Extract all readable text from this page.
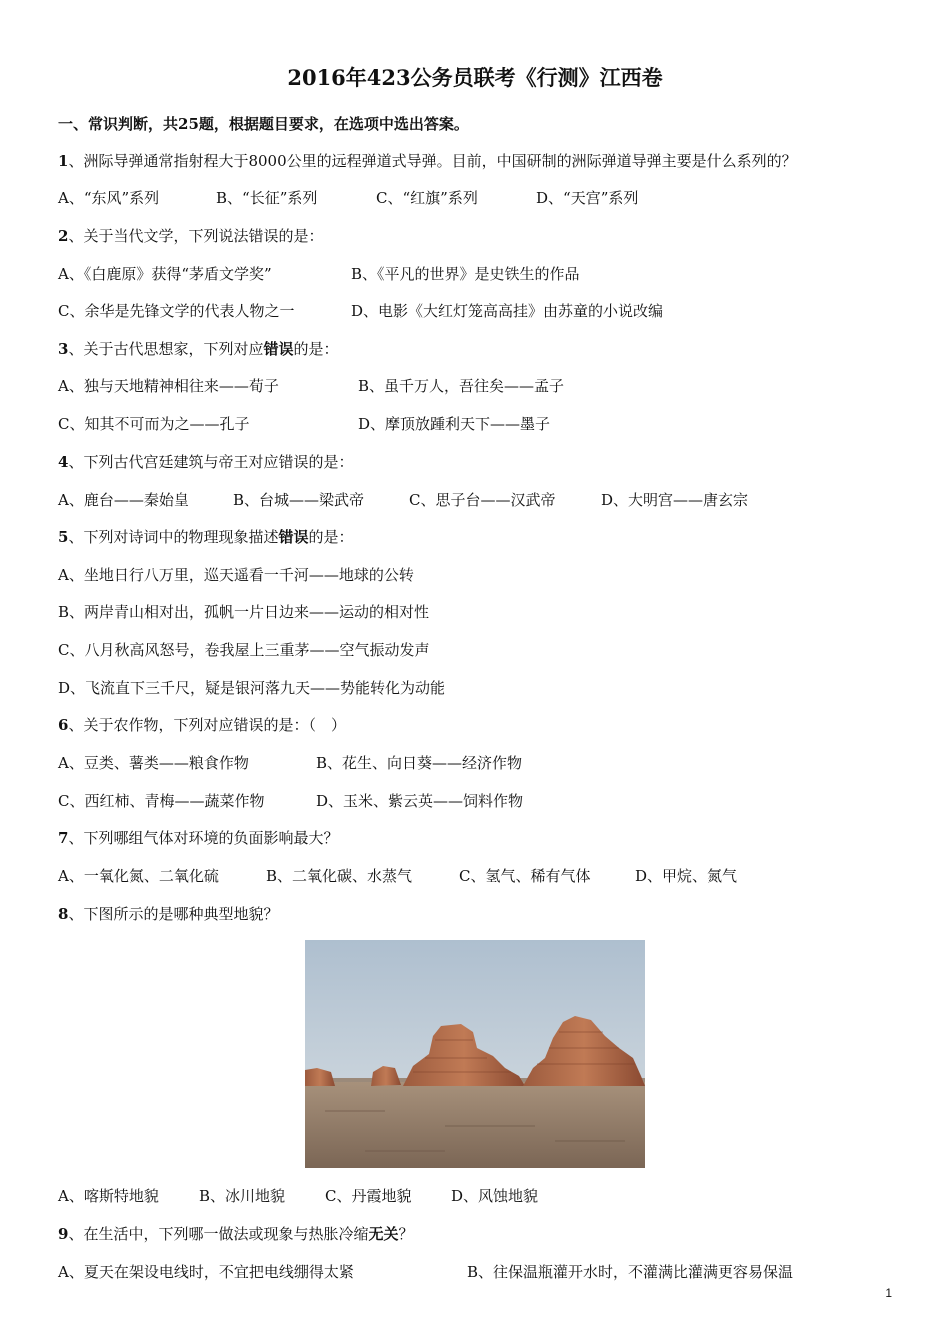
2016年423公务员联考《行测》江西卷
一、常识判断，共25题，根据题目要求，在选项中选出答案。
1、洲际导弹通常指射程大于8000公里的远程弹道式导弹。目前，中国研制的洲际弹道导弹主要是什么系列的？
A、“东风”系列	B、“长征”系列	C、“红旗”系列	D、“天宫”系列
2、关于当代文学，下列说法错误的是：
A、《白鹿原》获得“茅盾文学奖”	B、《平凡的世界》是史铁生的作品
C、余华是先锋文学的代表人物之一	D、电影《大红灯笼高高挂》由苏童的小说改编
3、关于古代思想家，下列对应错误的是：
A、独与天地精神相往来——荀子	B、虽千万人，吾往矣——孟子
C、知其不可而为之——孔子	D、摩顶放踵利天下——墨子
4、下列古代宫廷建筑与帝王对应错误的是：
A、鹿台——秦始皇	B、台城——梁武帝	C、思子台——汉武帝	D、大明宫——唐玄宗
5、下列对诗词中的物理现象描述错误的是：
A、坐地日行八万里，巡天遥看一千河——地球的公转
B、两岸青山相对出，孤帆一片日边来——运动的相对性
C、八月秋高风怒号，卷我屋上三重茅——空气振动发声
D、飞流直下三千尺，疑是银河落九天——势能转化为动能
6、关于农作物，下列对应错误的是：（　）
A、豆类、薯类——粮食作物	B、花生、向日葵——经济作物
C、西红柿、青梅——蔬菜作物	D、玉米、紫云英——饲料作物
7、下列哪组气体对环境的负面影响最大？
A、一氧化氮、二氧化硫	B、二氧化碳、水蒸气	C、氢气、稀有气体	D、甲烷、氮气
8、下图所示的是哪种典型地貌？
A、喀斯特地貌	B、冰川地貌	C、丹霞地貌	D、风蚀地貌
9、在生活中，下列哪一做法或现象与热胀冷缩无关？
A、夏天在架设电线时，不宜把电线绷得太紧	B、往保温瓶灌开水时，不灌满比灌满更容易保温
1
